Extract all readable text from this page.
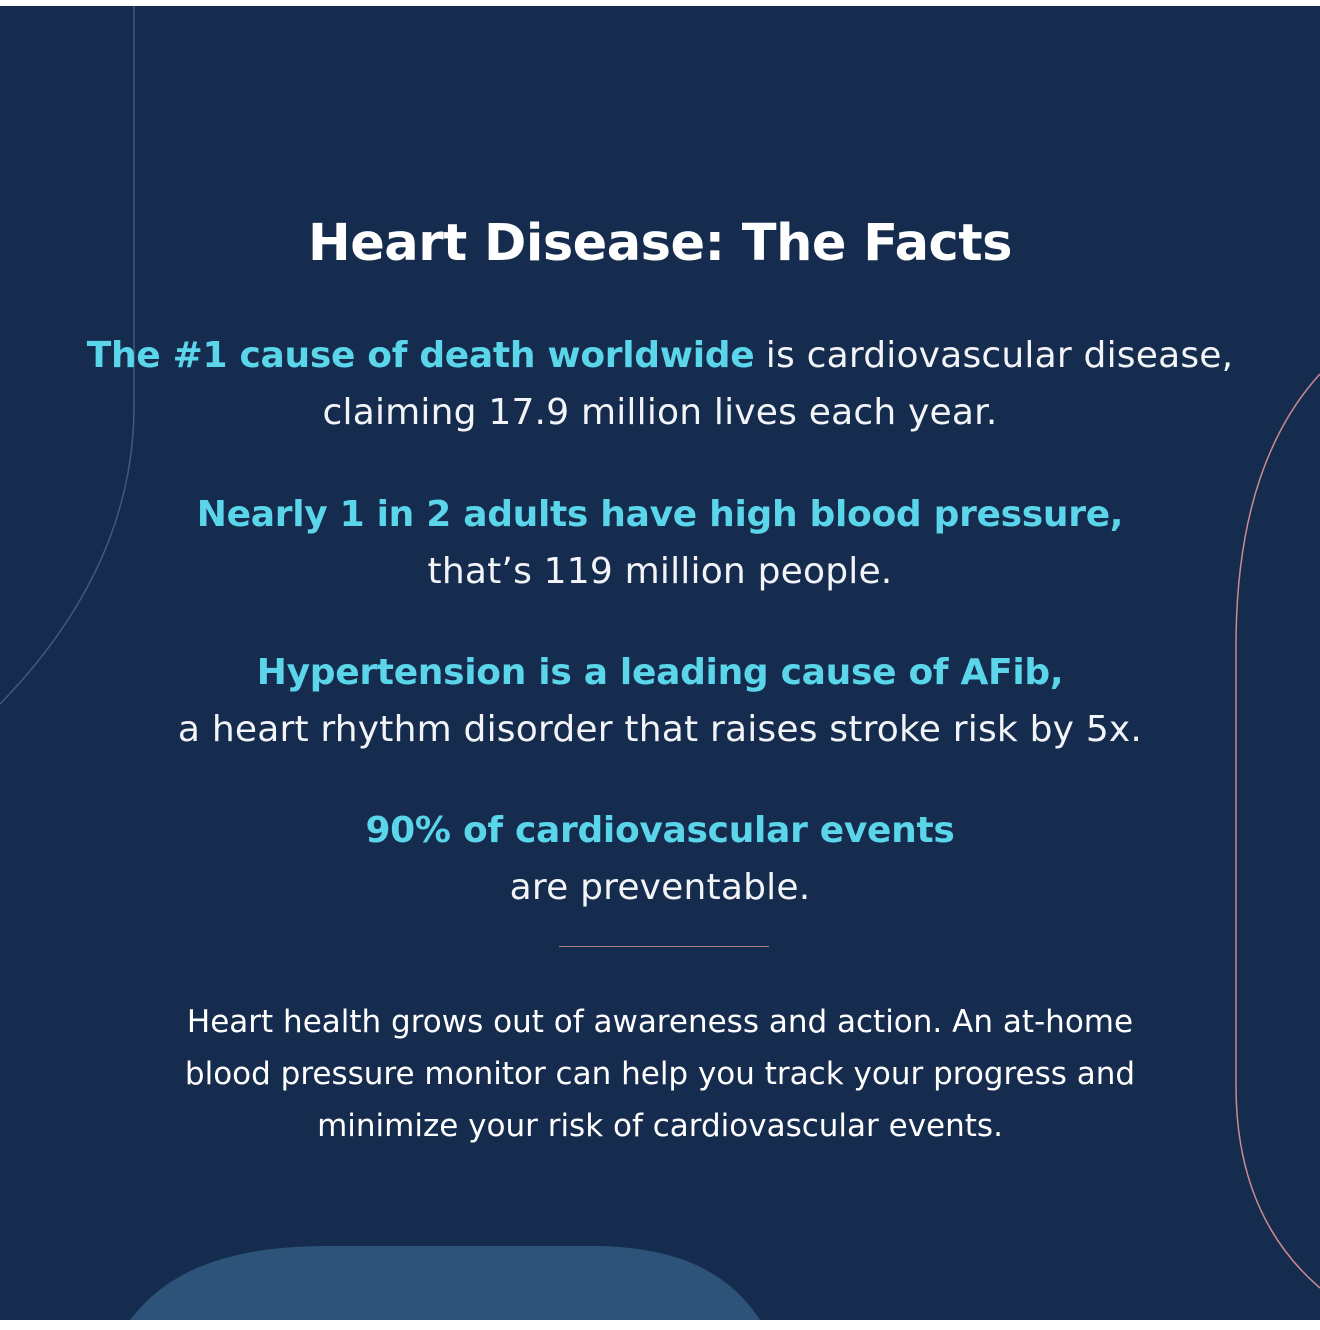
Heart Disease: The Facts

The #1 cause of death worldwide is cardiovascular disease, claiming 17.9 million lives each year.

Nearly 1 in 2 adults have high blood pressure,
that’s 119 million people.

Hypertension is a leading cause of AFib,
a heart rhythm disorder that raises stroke risk by 5x.

90% of cardiovascular events
are preventable.

Heart health grows out of awareness and action. An at-home blood pressure monitor can help you track your progress and minimize your risk of cardiovascular events.
